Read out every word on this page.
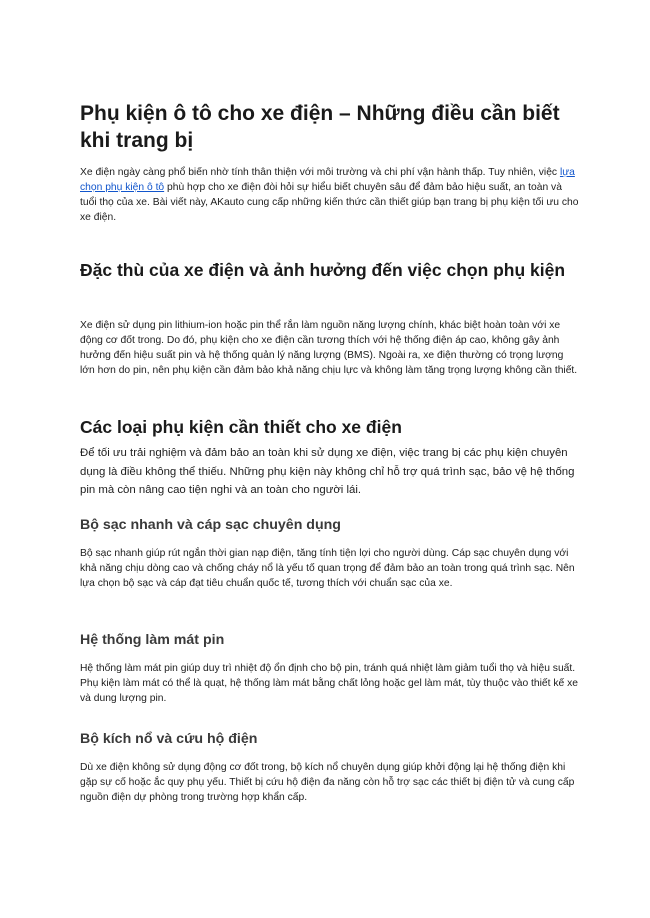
Phụ kiện ô tô cho xe điện – Những điều cần biết khi trang bị

Xe điện ngày càng phổ biến nhờ tính thân thiện với môi trường và chi phí vận hành thấp. Tuy nhiên, việc lựa chọn phụ kiện ô tô phù hợp cho xe điện đòi hỏi sự hiểu biết chuyên sâu để đảm bảo hiệu suất, an toàn và tuổi thọ của xe. Bài viết này, AKauto cung cấp những kiến thức cần thiết giúp bạn trang bị phụ kiện tối ưu cho xe điện.

Đặc thù của xe điện và ảnh hưởng đến việc chọn phụ kiện

Xe điện sử dụng pin lithium-ion hoặc pin thể rắn làm nguồn năng lượng chính, khác biệt hoàn toàn với xe động cơ đốt trong. Do đó, phụ kiện cho xe điện cần tương thích với hệ thống điện áp cao, không gây ảnh hưởng đến hiệu suất pin và hệ thống quản lý năng lượng (BMS). Ngoài ra, xe điện thường có trọng lượng lớn hơn do pin, nên phụ kiện cần đảm bảo khả năng chịu lực và không làm tăng trọng lượng không cần thiết.

Các loại phụ kiện cần thiết cho xe điện

Để tối ưu trải nghiệm và đảm bảo an toàn khi sử dụng xe điện, việc trang bị các phụ kiện chuyên dụng là điều không thể thiếu. Những phụ kiện này không chỉ hỗ trợ quá trình sạc, bảo vệ hệ thống pin mà còn nâng cao tiện nghi và an toàn cho người lái.

Bộ sạc nhanh và cáp sạc chuyên dụng

Bộ sạc nhanh giúp rút ngắn thời gian nạp điện, tăng tính tiện lợi cho người dùng. Cáp sạc chuyên dụng với khả năng chịu dòng cao và chống cháy nổ là yếu tố quan trọng để đảm bảo an toàn trong quá trình sạc. Nên lựa chọn bộ sạc và cáp đạt tiêu chuẩn quốc tế, tương thích với chuẩn sạc của xe.

Hệ thống làm mát pin

Hệ thống làm mát pin giúp duy trì nhiệt độ ổn định cho bộ pin, tránh quá nhiệt làm giảm tuổi thọ và hiệu suất. Phụ kiện làm mát có thể là quạt, hệ thống làm mát bằng chất lỏng hoặc gel làm mát, tùy thuộc vào thiết kế xe và dung lượng pin.

Bộ kích nổ và cứu hộ điện

Dù xe điện không sử dụng động cơ đốt trong, bộ kích nổ chuyên dụng giúp khởi động lại hệ thống điện khi gặp sự cố hoặc ắc quy phụ yếu. Thiết bị cứu hộ điện đa năng còn hỗ trợ sạc các thiết bị điện tử và cung cấp nguồn điện dự phòng trong trường hợp khẩn cấp.
